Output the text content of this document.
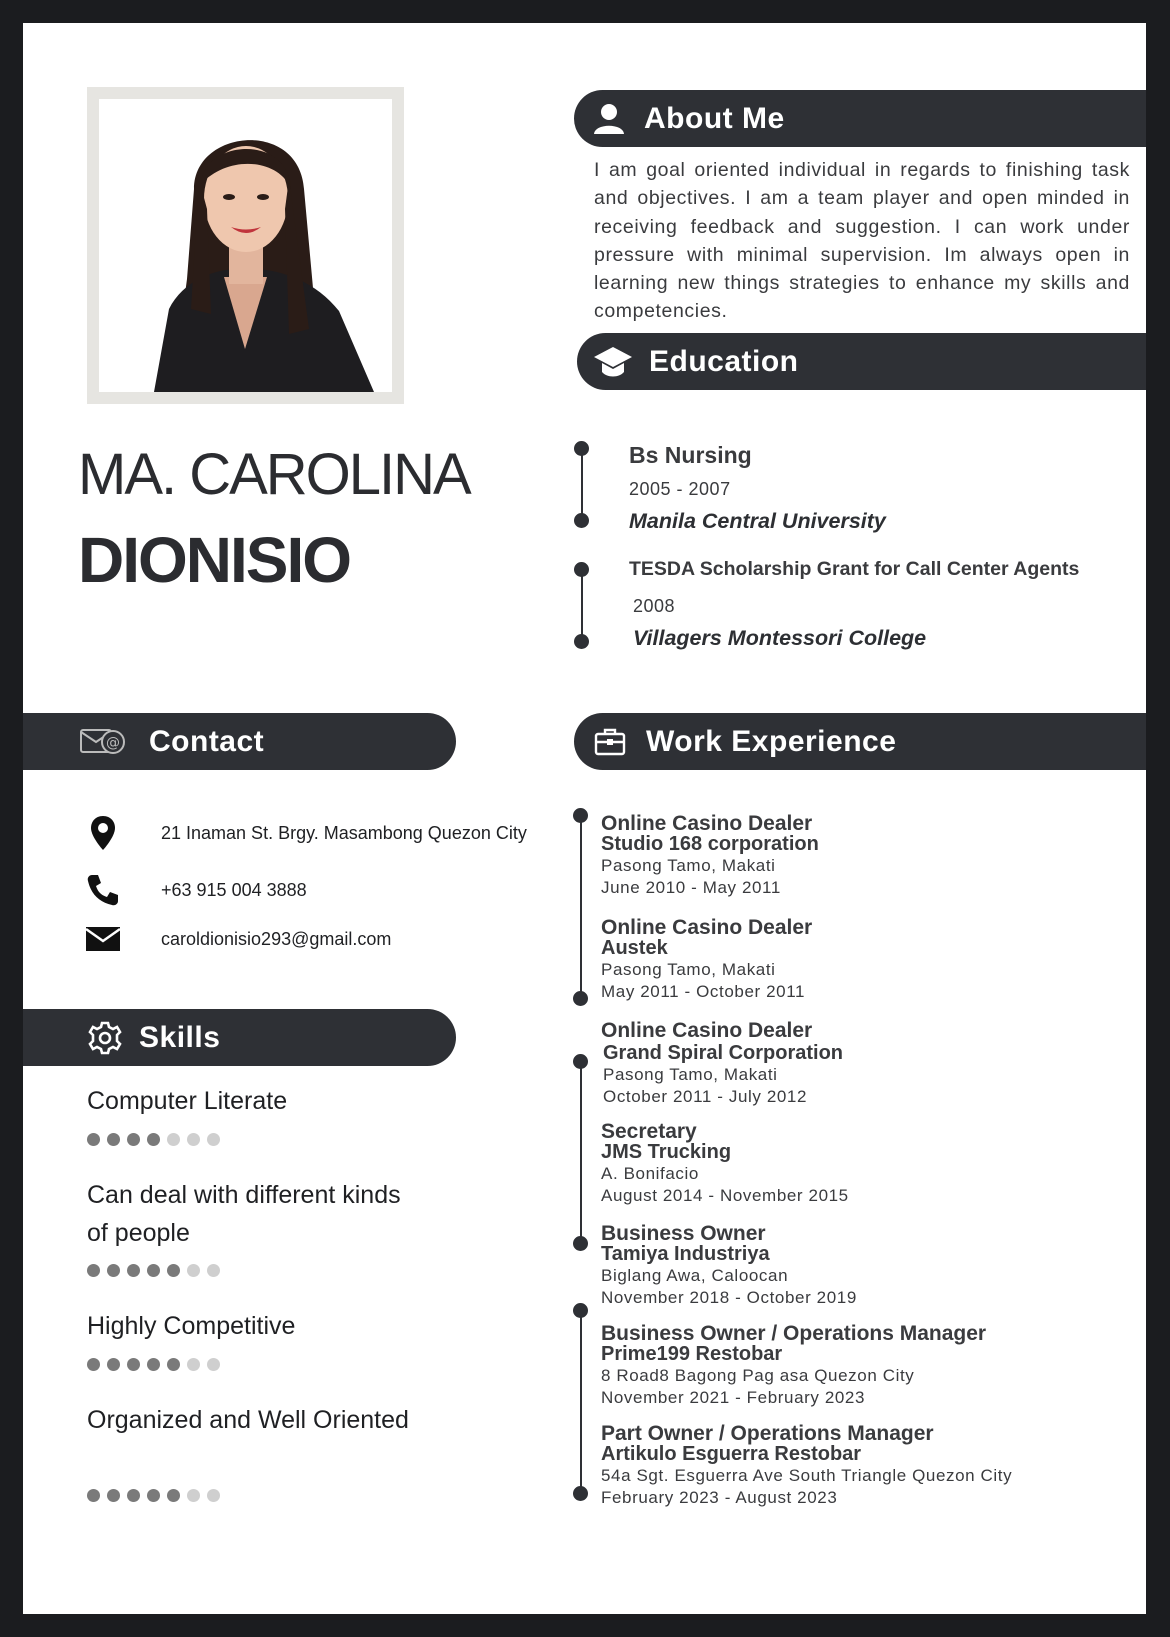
MA. CAROLINA
DIONISIO
About Me
I am goal oriented individual in regards to finishing task and objectives. I am a team player and open minded in receiving feedback and suggestion. I can work under pressure with minimal supervision. Im always open in learning new things strategies to enhance my skills and competencies.
Education
Bs Nursing
2005 - 2007
Manila Central University
TESDA Scholarship Grant for Call Center Agents
2008
Villagers Montessori College
@ Contact
21 Inaman St. Brgy. Masambong Quezon City
+63 915 004 3888
caroldionisio293@gmail.com
Skills
Computer Literate
Can deal with different kinds of people
Highly Competitive
Organized and Well Oriented
Work Experience
Online Casino Dealer
Studio 168 corporation
Pasong Tamo, Makati
June 2010 - May 2011
Online Casino Dealer
Austek
Pasong Tamo, Makati
May 2011 - October 2011
Online Casino Dealer
Grand Spiral Corporation
Pasong Tamo, Makati
October 2011 - July 2012
Secretary
JMS Trucking
A. Bonifacio
August 2014 - November 2015
Business Owner
Tamiya Industriya
Biglang Awa, Caloocan
November 2018 - October 2019
Business Owner / Operations Manager
Prime199 Restobar
8 Road8 Bagong Pag asa Quezon City
November 2021 - February 2023
Part Owner / Operations Manager
Artikulo Esguerra Restobar
54a Sgt. Esguerra Ave South Triangle Quezon City
February 2023 - August 2023
